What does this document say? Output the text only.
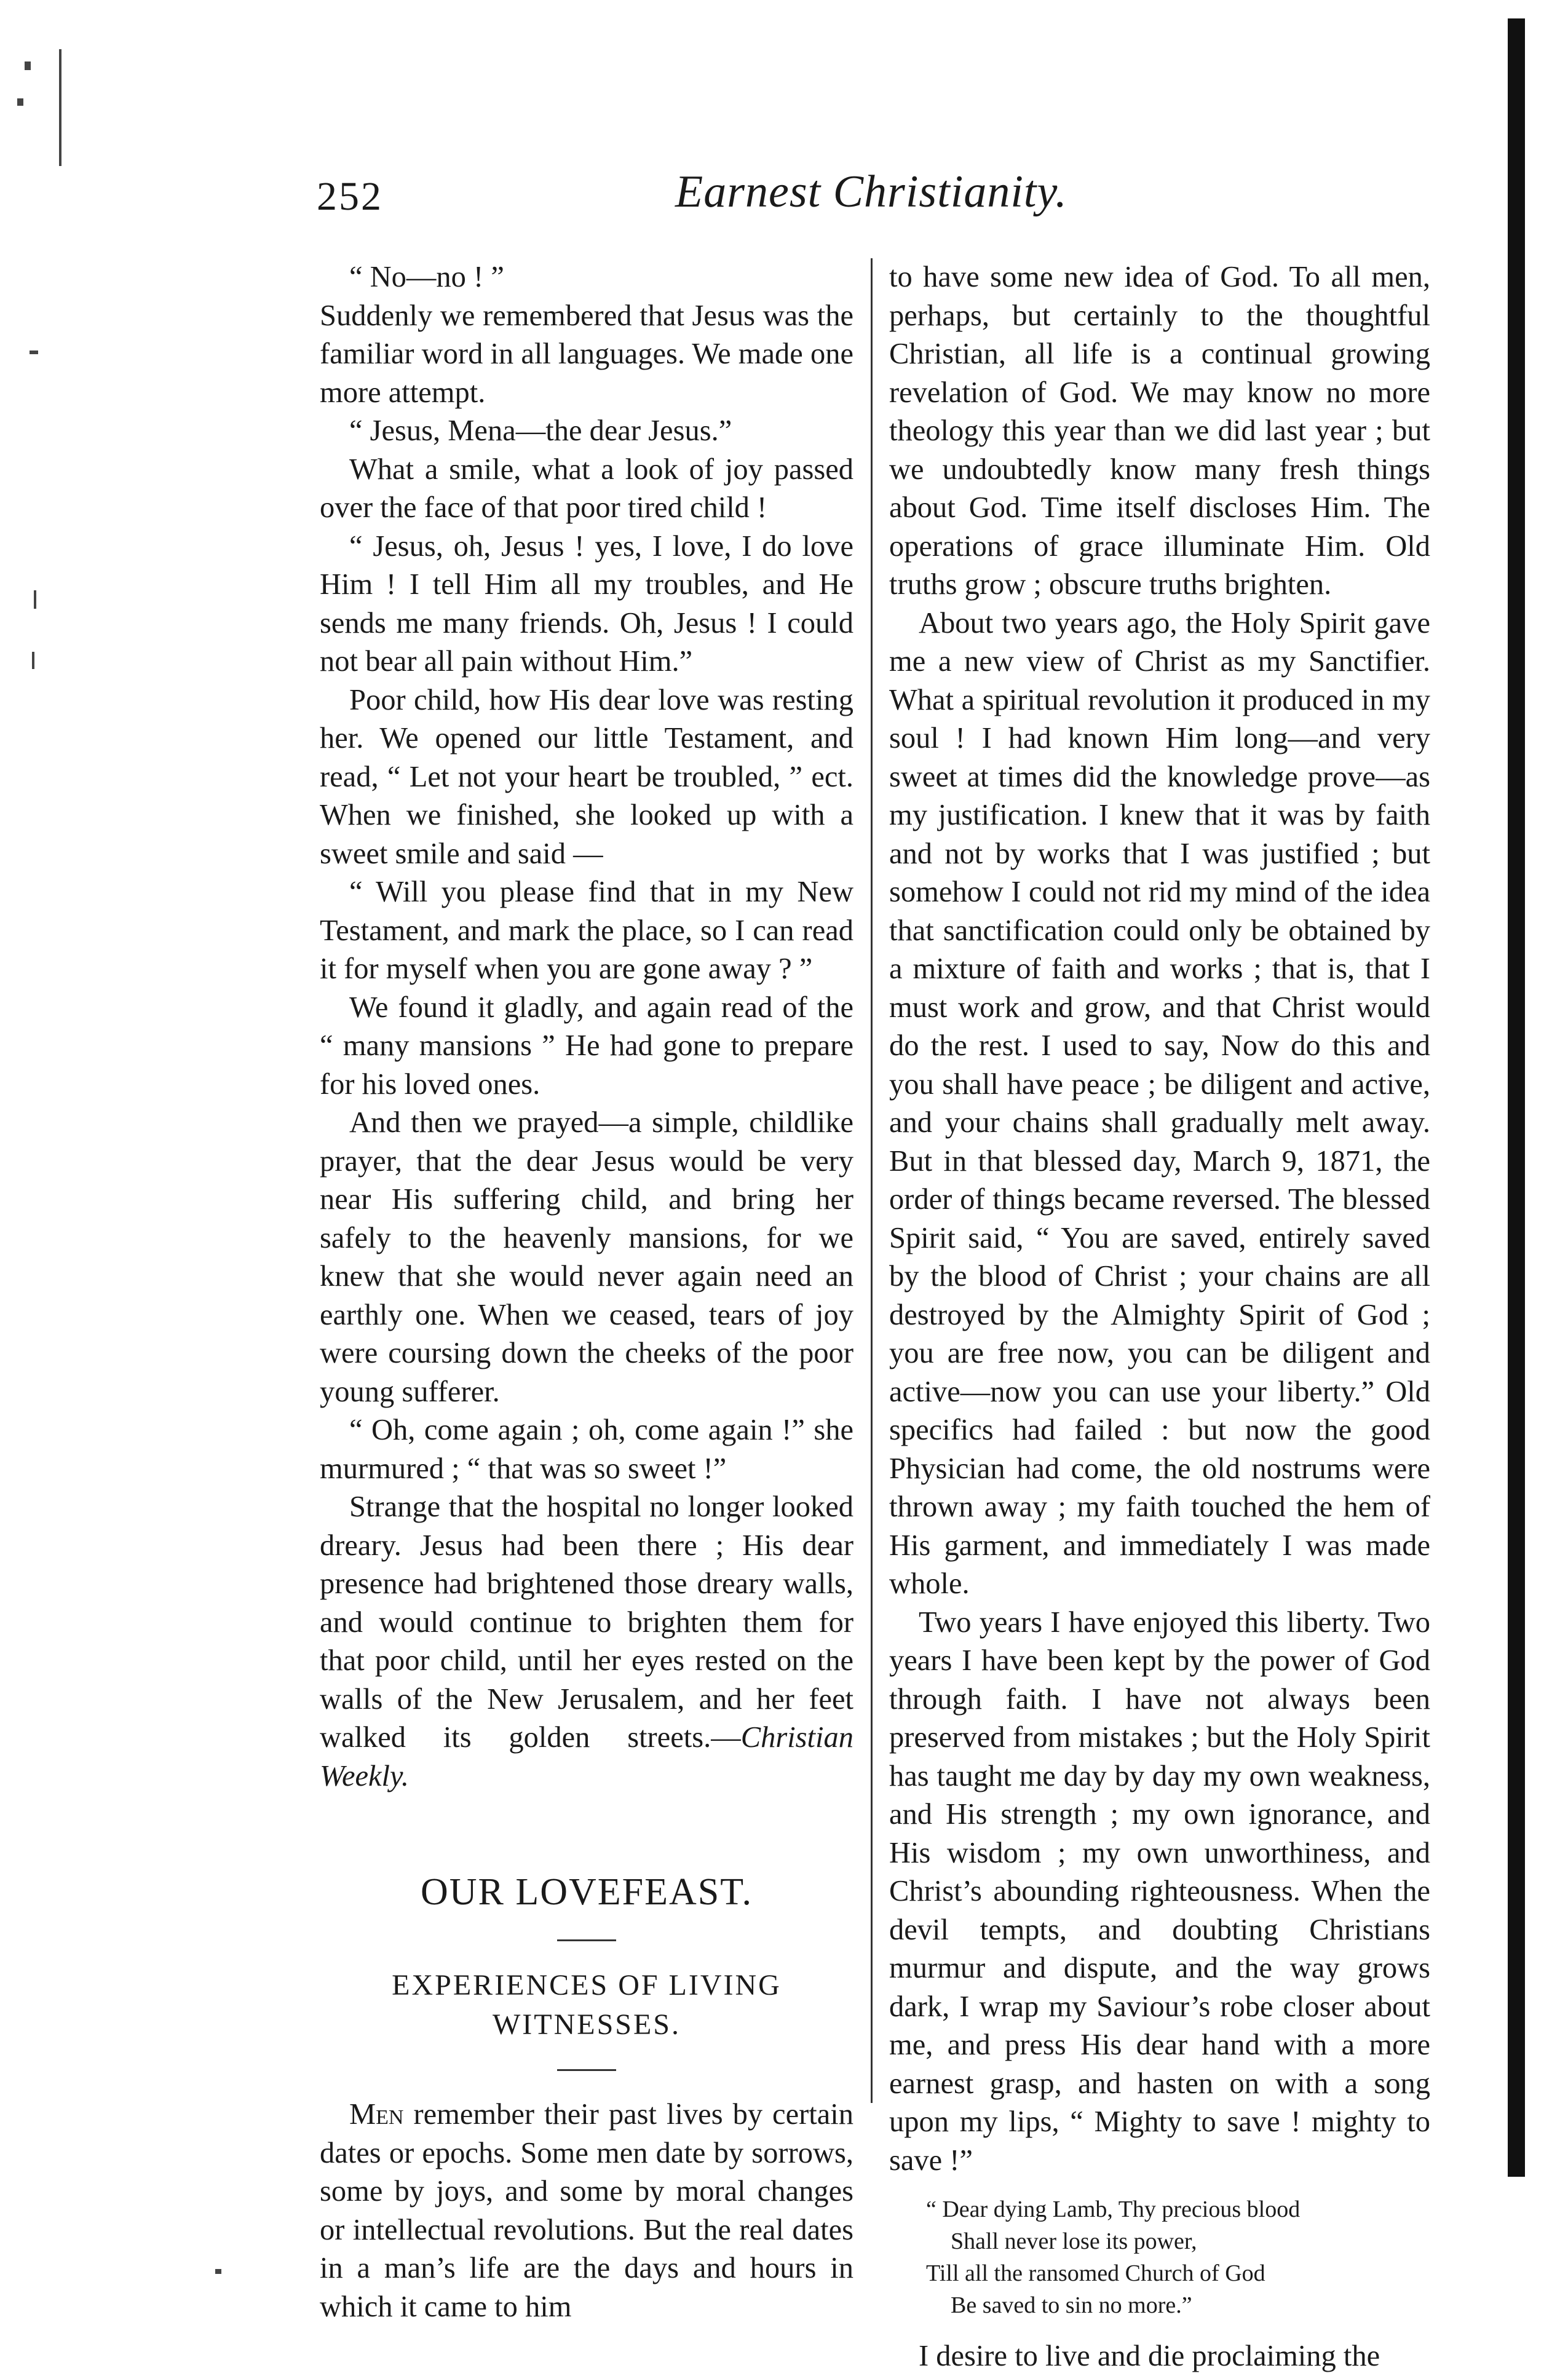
252	Earnest Christianity.

“ No—no ! ”

Suddenly we remembered that Jesus was the familiar word in all languages. We made one more attempt.

“ Jesus, Mena—the dear Jesus.”

What a smile, what a look of joy passed over the face of that poor tired child !

“ Jesus, oh, Jesus ! yes, I love, I do love Him ! I tell Him all my troubles, and He sends me many friends. Oh, Jesus ! I could not bear all pain without Him.”

Poor child, how His dear love was resting her. We opened our little Testament, and read, “ Let not your heart be troubled, ” ect. When we finished, she looked up with a sweet smile and said —

“ Will you please find that in my New Testament, and mark the place, so I can read it for myself when you are gone away ? ”

We found it gladly, and again read of the “ many mansions ” He had gone to prepare for his loved ones.

And then we prayed—a simple, childlike prayer, that the dear Jesus would be very near His suffering child, and bring her safely to the heavenly mansions, for we knew that she would never again need an earthly one. When we ceased, tears of joy were coursing down the cheeks of the poor young sufferer.

“ Oh, come again ; oh, come again !” she murmured ; “ that was so sweet !”

Strange that the hospital no longer looked dreary. Jesus had been there ; His dear presence had brightened those dreary walls, and would continue to brighten them for that poor child, until her eyes rested on the walls of the New Jerusalem, and her feet walked its golden streets.—Christian Weekly.

OUR LOVEFEAST.
EXPERIENCES OF LIVING WITNESSES.

Men remember their past lives by certain dates or epochs. Some men date by sorrows, some by joys, and some by moral changes or intellectual revolutions. But the real dates in a man’s life are the days and hours in which it came to him

to have some new idea of God. To all men, perhaps, but certainly to the thoughtful Christian, all life is a continual growing revelation of God. We may know no more theology this year than we did last year ; but we undoubtedly know many fresh things about God. Time itself discloses Him. The operations of grace illuminate Him. Old truths grow ; obscure truths brighten.

About two years ago, the Holy Spirit gave me a new view of Christ as my Sanctifier. What a spiritual revolution it produced in my soul ! I had known Him long—and very sweet at times did the knowledge prove—as my justification. I knew that it was by faith and not by works that I was justified ; but somehow I could not rid my mind of the idea that sanctification could only be obtained by a mixture of faith and works ; that is, that I must work and grow, and that Christ would do the rest. I used to say, Now do this and you shall have peace ; be diligent and active, and your chains shall gradually melt away. But in that blessed day, March 9, 1871, the order of things became reversed. The blessed Spirit said, “ You are saved, entirely saved by the blood of Christ ; your chains are all destroyed by the Almighty Spirit of God ; you are free now, you can be diligent and active—now you can use your liberty.” Old specifics had failed : but now the good Physician had come, the old nostrums were thrown away ; my faith touched the hem of His garment, and immediately I was made whole.

Two years I have enjoyed this liberty. Two years I have been kept by the power of God through faith. I have not always been preserved from mistakes ; but the Holy Spirit has taught me day by day my own weakness, and His strength ; my own ignorance, and His wisdom ; my own unworthiness, and Christ’s abounding righteousness. When the devil tempts, and doubting Christians murmur and dispute, and the way grows dark, I wrap my Saviour’s robe closer about me, and press His dear hand with a more earnest grasp, and hasten on with a song upon my lips, “ Mighty to save ! mighty to save !”

“ Dear dying Lamb, Thy precious blood
Shall never lose its power,
Till all the ransomed Church of God
Be saved to sin no more.”

I desire to live and die proclaiming the
